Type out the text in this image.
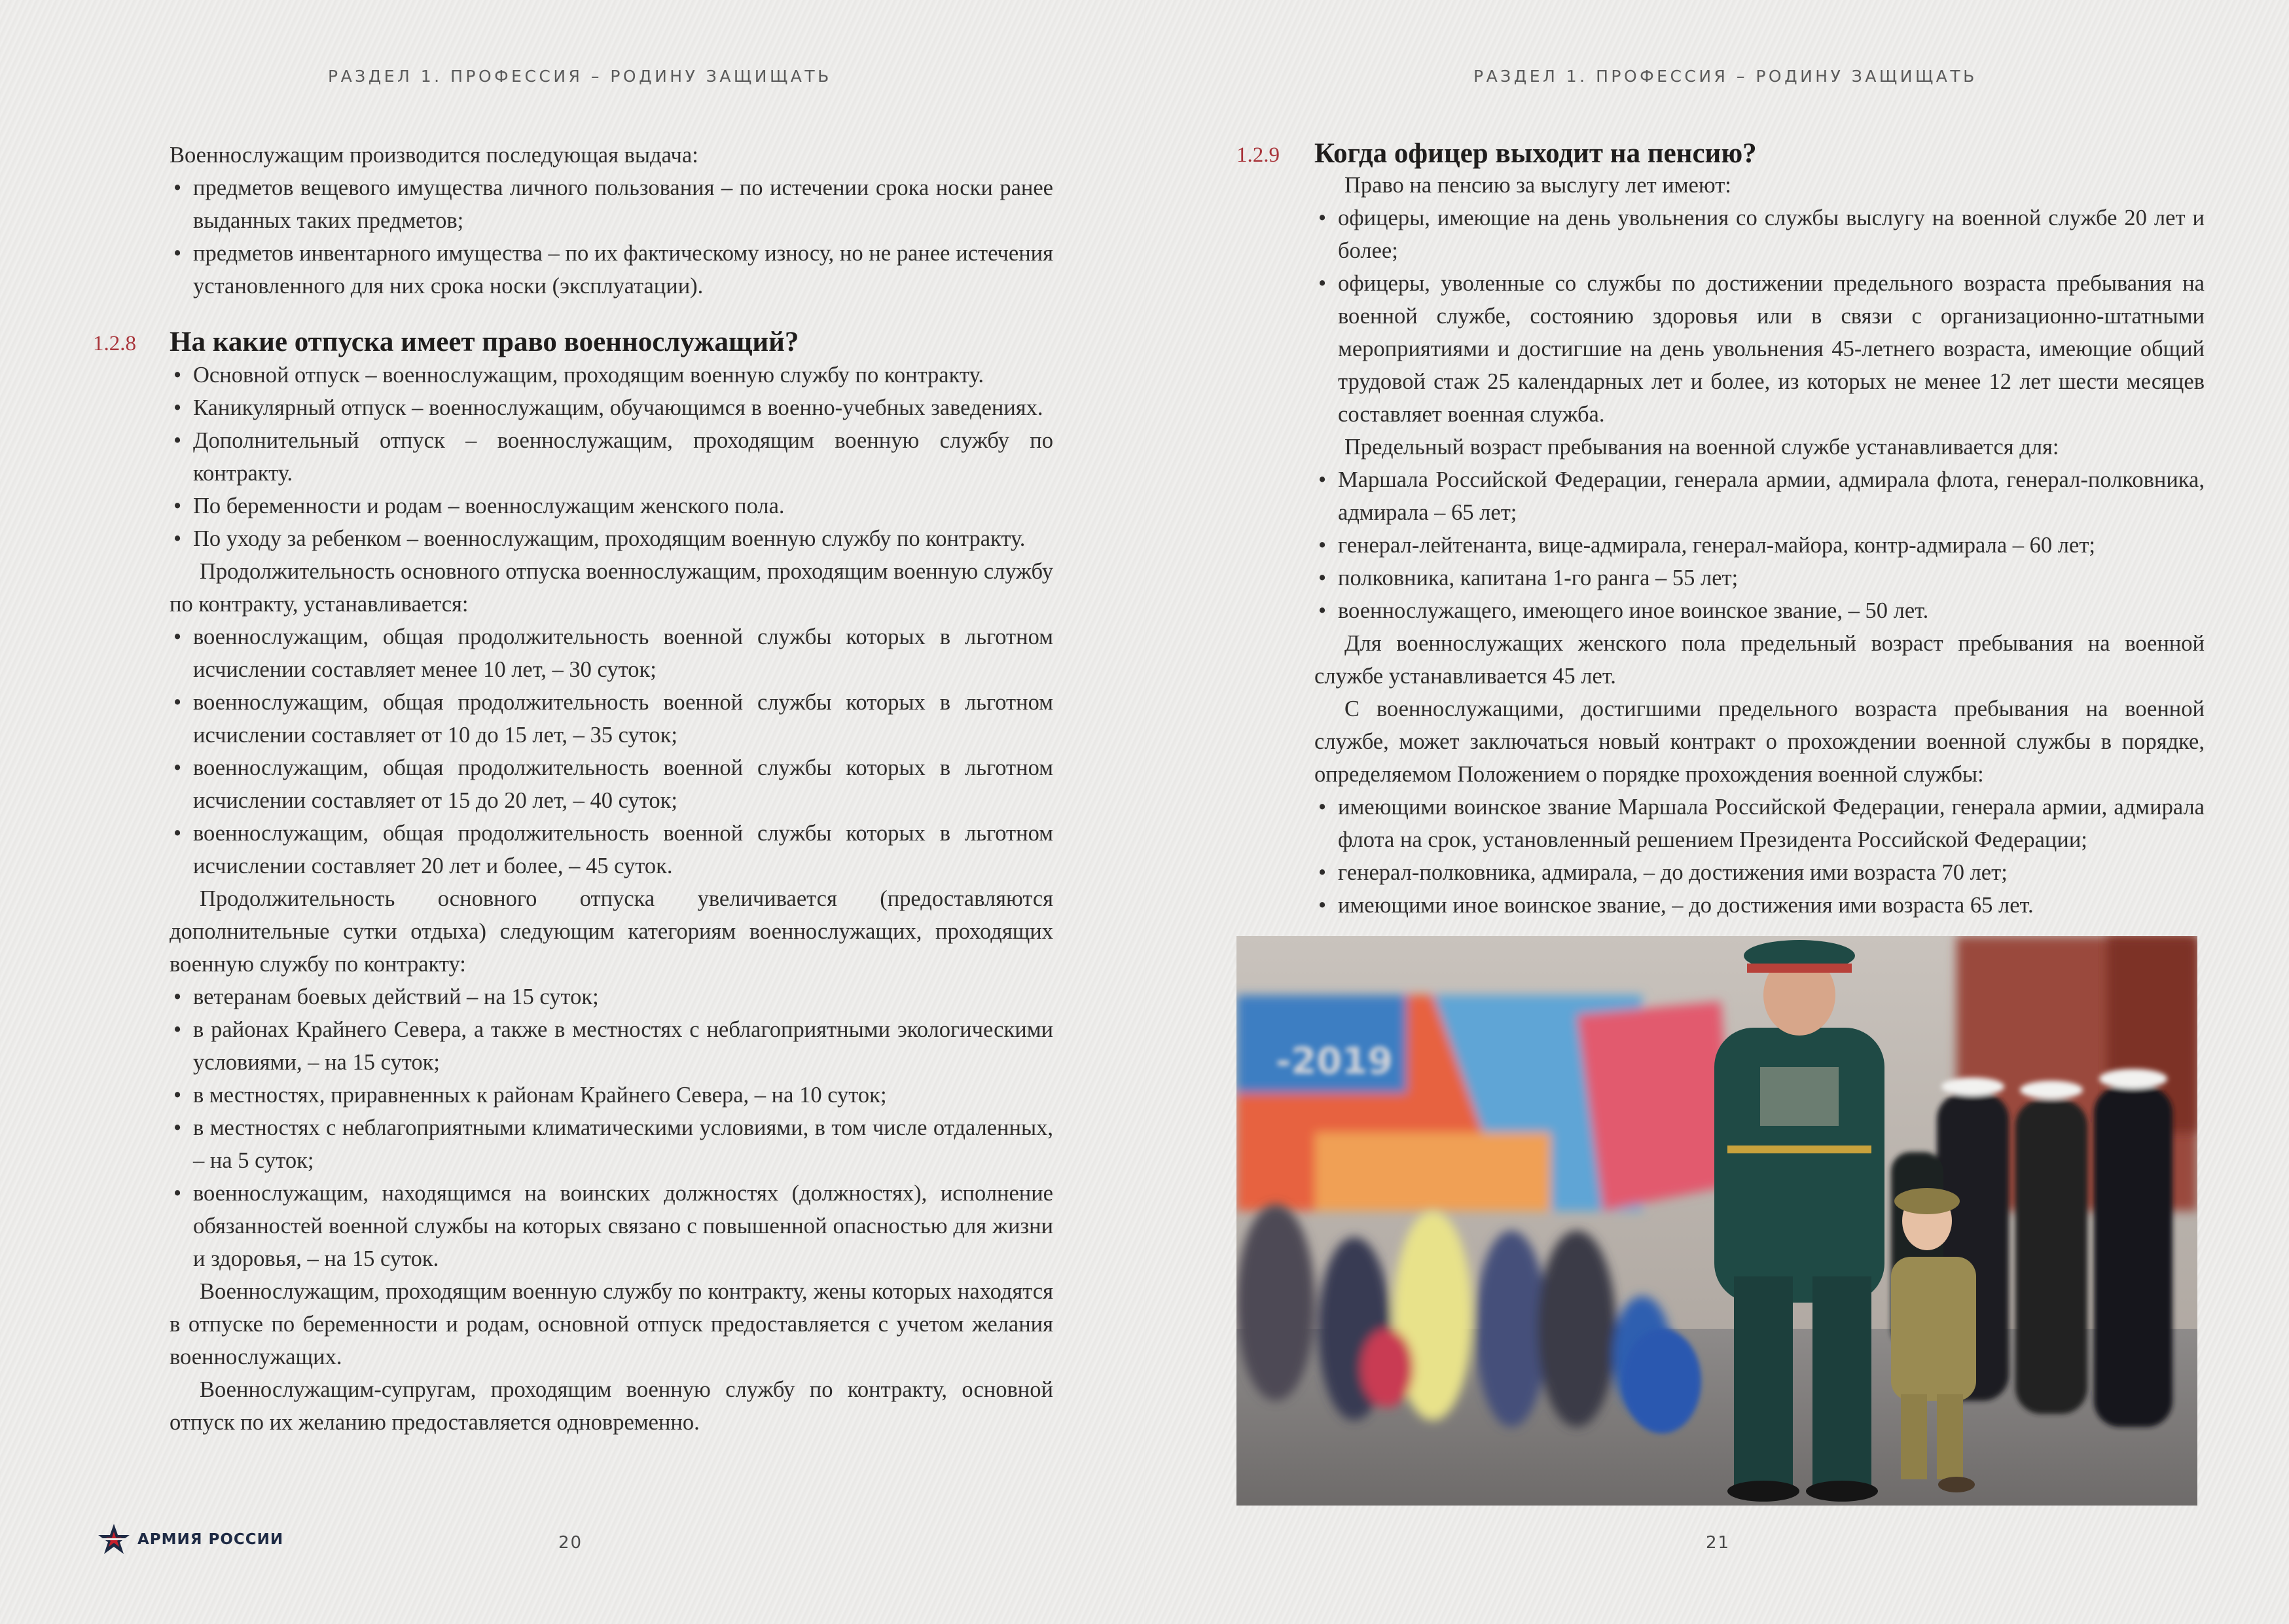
РАЗДЕЛ 1. ПРОФЕССИЯ – РОДИНУ ЗАЩИЩАТЬ

Военнослужащим производится последующая выдача:

• предметов вещевого имущества личного пользования – по истечении срока носки ранее выданных таких предметов;
• предметов инвентарного имущества – по их фактическому износу, но не ранее истечения установленного для них срока носки (эксплуатации).
1.2.8 На какие отпуска имеет право военнослужащий?
• Основной отпуск – военнослужащим, проходящим военную службу по контракту.
• Каникулярный отпуск – военнослужащим, обучающимся в военно-учебных заведениях.
• Дополнительный отпуск – военнослужащим, проходящим военную службу по контракту.
• По беременности и родам – военнослужащим женского пола.
• По уходу за ребенком – военнослужащим, проходящим военную службу по контракту.

Продолжительность основного отпуска военнослужащим, проходящим военную службу по контракту, устанавливается:

• военнослужащим, общая продолжительность военной службы которых в льготном исчислении составляет менее 10 лет, – 30 суток;
• военнослужащим, общая продолжительность военной службы которых в льготном исчислении составляет от 10 до 15 лет, – 35 суток;
• военнослужащим, общая продолжительность военной службы которых в льготном исчислении составляет от 15 до 20 лет, – 40 суток;
• военнослужащим, общая продолжительность военной службы которых в льготном исчислении составляет 20 лет и более, – 45 суток.

Продолжительность основного отпуска увеличивается (предоставляются дополнительные сутки отдыха) следующим категориям военнослужащих, проходящих военную службу по контракту:

• ветеранам боевых действий – на 15 суток;
• в районах Крайнего Севера, а также в местностях с неблагоприятными экологическими условиями, – на 15 суток;
• в местностях, приравненных к районам Крайнего Севера, – на 10 суток;
• в местностях с неблагоприятными климатическими условиями, в том числе отдаленных, – на 5 суток;
• военнослужащим, находящимся на воинских должностях (должностях), исполнение обязанностей военной службы на которых связано с повышенной опасностью для жизни и здоровья, – на 15 суток.

Военнослужащим, проходящим военную службу по контракту, жены которых находятся в отпуске по беременности и родам, основной отпуск предоставляется с учетом желания военнослужащих.

Военнослужащим-супругам, проходящим военную службу по контракту, основной отпуск по их желанию предоставляется одновременно.

АРМИЯ РОССИИ	20
РАЗДЕЛ 1. ПРОФЕССИЯ – РОДИНУ ЗАЩИЩАТЬ
1.2.9 Когда офицер выходит на пенсию?

Право на пенсию за выслугу лет имеют:

• офицеры, имеющие на день увольнения со службы выслугу на военной службе 20 лет и более;
• офицеры, уволенные со службы по достижении предельного возраста пребывания на военной службе, состоянию здоровья или в связи с организационно-штатными мероприятиями и достигшие на день увольнения 45-летнего возраста, имеющие общий трудовой стаж 25 календарных лет и более, из которых не менее 12 лет шести месяцев составляет военная служба.

Предельный возраст пребывания на военной службе устанавливается для:

• Маршала Российской Федерации, генерала армии, адмирала флота, генерал-полковника, адмирала – 65 лет;
• генерал-лейтенанта, вице-адмирала, генерал-майора, контр-адмирала – 60 лет;
• полковника, капитана 1-го ранга – 55 лет;
• военнослужащего, имеющего иное воинское звание, – 50 лет.

Для военнослужащих женского пола предельный возраст пребывания на военной службе устанавливается 45 лет.

С военнослужащими, достигшими предельного возраста пребывания на военной службе, может заключаться новый контракт о прохождении военной службы в порядке, определяемом Положением о порядке прохождения военной службы:

• имеющими воинское звание Маршала Российской Федерации, генерала армии, адмирала флота на срок, установленный решением Президента Российской Федерации;
• генерал-полковника, адмирала, – до достижения ими возраста 70 лет;
• имеющими иное воинское звание, – до достижения ими возраста 65 лет.
-2019
21
